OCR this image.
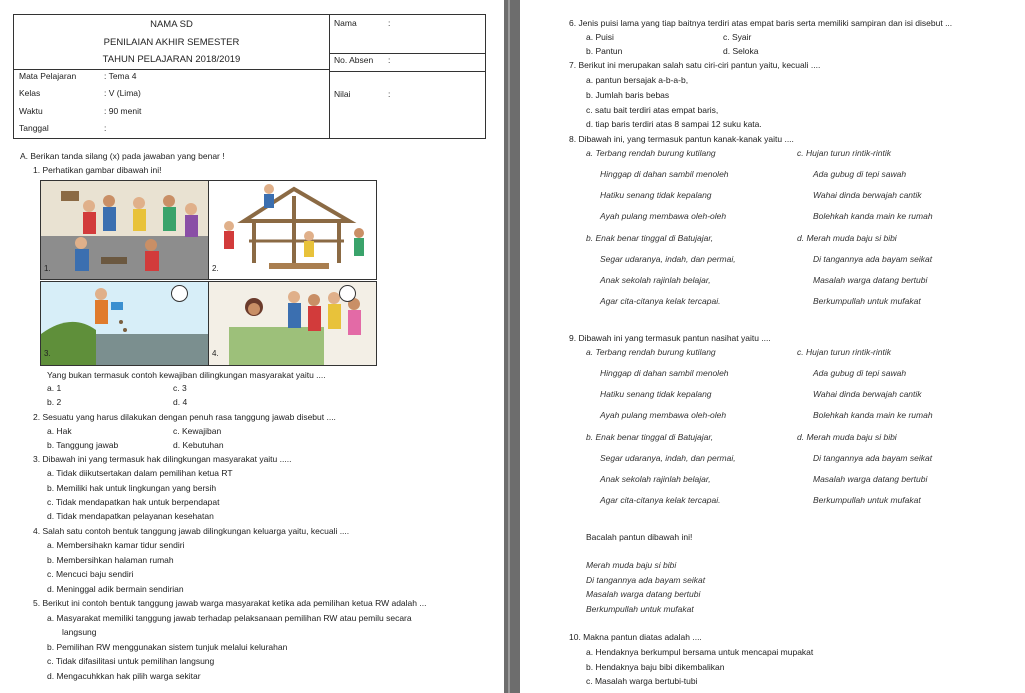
NAMA SD
PENILAIAN AKHIR SEMESTER
TAHUN PELAJARAN 2018/2019
Mata Pelajaran	: Tema 4
Kelas	: V (Lima)
Waktu	: 90 menit
Tanggal	:
Nama	:
No. Absen :
Nilai	:
A. Berikan tanda silang (x) pada jawaban yang benar !
1. Perhatikan gambar dibawah ini!
1.	2.
3.	4.
Yang bukan termasuk contoh kewajiban dilingkungan masyarakat yaitu ....
a. 1	c. 3
b. 2	d. 4
2. Sesuatu yang harus dilakukan dengan penuh rasa tanggung jawab disebut ....
a. Hak	c. Kewajiban
b. Tanggung jawab	d. Kebutuhan
3. Dibawah ini yang termasuk hak dilingkungan masyarakat yaitu .....
a. Tidak diikutsertakan dalam pemilihan ketua RT
b. Memiliki hak untuk lingkungan yang bersih
c. Tidak mendapatkan hak untuk berpendapat
d. Tidak mendapatkan pelayanan kesehatan
4. Salah satu contoh bentuk tanggung jawab dilingkungan keluarga yaitu, kecuali ....
a. Membersihakn kamar tidur sendiri
b. Membersihkan halaman rumah
c. Mencuci baju sendiri
d. Meninggal adik bermain sendirian
5. Berikut ini contoh bentuk tanggung jawab warga masyarakat ketika ada pemilihan ketua RW adalah ...
a. Masyarakat memiliki tanggung jawab terhadap pelaksanaan pemilihan RW atau pemilu secara
langsung
b. Pemilihan RW menggunakan sistem tunjuk melalui kelurahan
c. Tidak difasilitasi untuk pemilihan langsung
d. Mengacuhkkan hak pilih warga sekitar
6. Jenis puisi lama yang tiap baitnya terdiri atas empat baris serta memiliki sampiran dan isi disebut ...
a. Puisi	c. Syair
b. Pantun	d. Seloka
7. Berikut ini merupakan salah satu ciri-ciri pantun yaitu, kecuali ....
a. pantun bersajak a-b-a-b,
b. Jumlah baris bebas
c. satu bait terdiri atas empat baris,
d. tiap baris terdiri atas 8 sampai 12 suku kata.
8. Dibawah ini, yang termasuk pantun kanak-kanak yaitu ....
a. Terbang rendah burung kutilang
Hinggap di dahan sambil menoleh
Hatiku senang tidak kepalang
Ayah pulang membawa oleh-oleh
c. Hujan turun rintik-rintik
Ada gubug di tepi sawah
Wahai dinda berwajah cantik
Bolehkah kanda main ke rumah
b. Enak benar tinggal di Batujajar,
Segar udaranya, indah, dan permai,
Anak sekolah rajinlah belajar,
Agar cita-citanya kelak tercapai.
d. Merah muda baju si bibi
Di tangannya ada bayam seikat
Masalah warga datang bertubi
Berkumpullah untuk mufakat
9. Dibawah ini yang termasuk pantun nasihat yaitu ....
a. Terbang rendah burung kutilang
Hinggap di dahan sambil menoleh
Hatiku senang tidak kepalang
Ayah pulang membawa oleh-oleh
c. Hujan turun rintik-rintik
Ada gubug di tepi sawah
Wahai dinda berwajah cantik
Bolehkah kanda main ke rumah
b. Enak benar tinggal di Batujajar,
Segar udaranya, indah, dan permai,
Anak sekolah rajinlah belajar,
Agar cita-citanya kelak tercapai.
d. Merah muda baju si bibi
Di tangannya ada bayam seikat
Masalah warga datang bertubi
Berkumpullah untuk mufakat
Bacalah pantun dibawah ini!
Merah muda baju si bibi
Di tangannya ada bayam seikat
Masalah warga datang bertubi
Berkumpullah untuk mufakat
10. Makna pantun diatas adalah ....
a. Hendaknya berkumpul bersama untuk mencapai mupakat
b. Hendaknya baju bibi dikembalikan
c. Masalah warga bertubi-tubi
